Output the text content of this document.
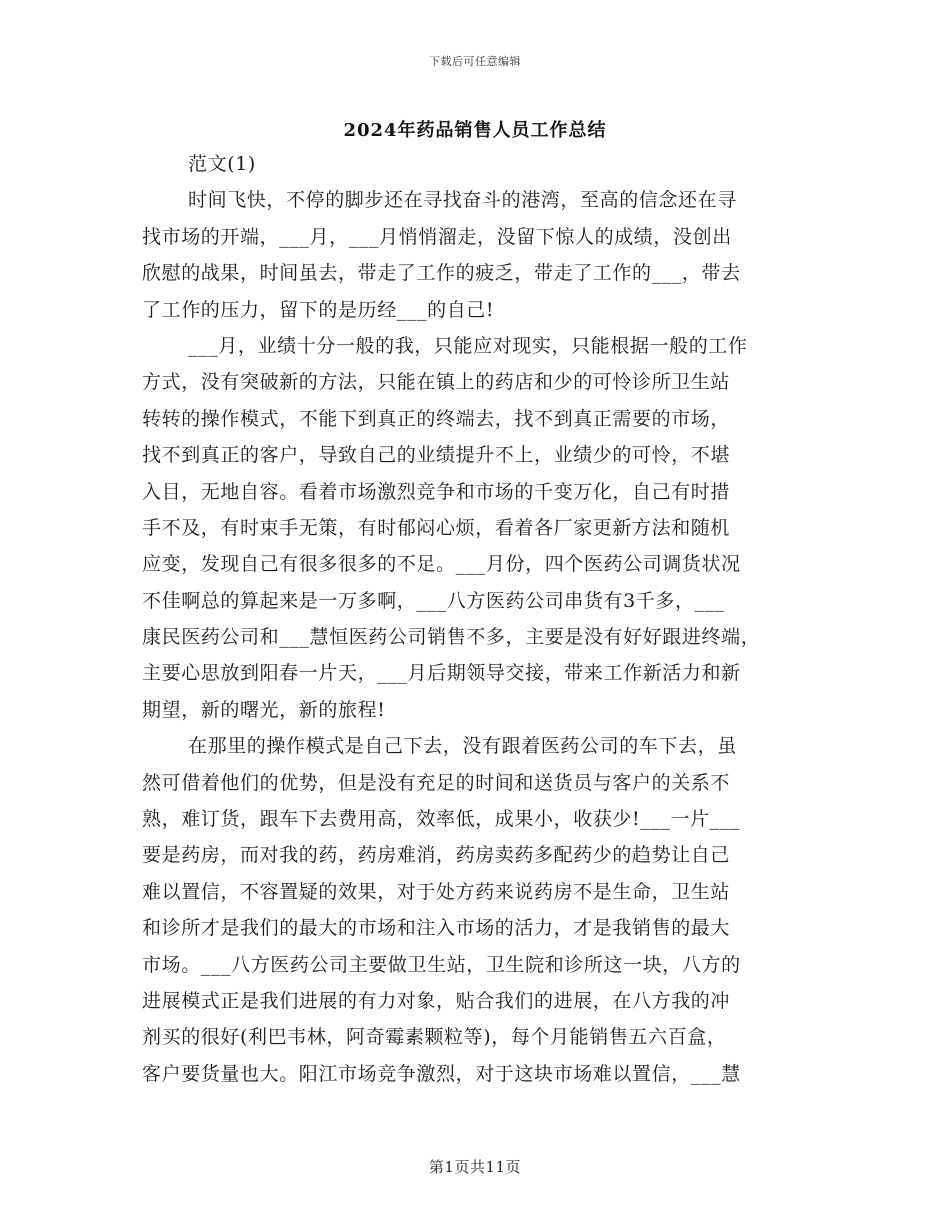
下载后可任意编辑
2024年药品销售人员工作总结
范文(1)
时间飞快，不停的脚步还在寻找奋斗的港湾，至高的信念还在寻
找市场的开端，___月，___月悄悄溜走，没留下惊人的成绩，没创出
欣慰的战果，时间虽去，带走了工作的疲乏，带走了工作的___，带去
了工作的压力，留下的是历经___的自己!
___月，业绩十分一般的我，只能应对现实，只能根据一般的工作
方式，没有突破新的方法，只能在镇上的药店和少的可怜诊所卫生站
转转的操作模式，不能下到真正的终端去，找不到真正需要的市场，
找不到真正的客户，导致自己的业绩提升不上，业绩少的可怜，不堪
入目，无地自容。看着市场激烈竞争和市场的千变万化，自己有时措
手不及，有时束手无策，有时郁闷心烦，看着各厂家更新方法和随机
应变，发现自己有很多很多的不足。___月份，四个医药公司调货状况
不佳啊总的算起来是一万多啊，___八方医药公司串货有3千多，___
康民医药公司和___慧恒医药公司销售不多，主要是没有好好跟进终端，
主要心思放到阳春一片天，___月后期领导交接，带来工作新活力和新
期望，新的曙光，新的旅程!
在那里的操作模式是自己下去，没有跟着医药公司的车下去，虽
然可借着他们的优势，但是没有充足的时间和送货员与客户的关系不
熟，难订货，跟车下去费用高，效率低，成果小，收获少!___一片___
要是药房，而对我的药，药房难消，药房卖药多配药少的趋势让自己
难以置信，不容置疑的效果，对于处方药来说药房不是生命，卫生站
和诊所才是我们的最大的市场和注入市场的活力，才是我销售的最大
市场。___八方医药公司主要做卫生站，卫生院和诊所这一块，八方的
进展模式正是我们进展的有力对象，贴合我们的进展，在八方我的冲
剂买的很好(利巴韦林，阿奇霉素颗粒等)，每个月能销售五六百盒，
客户要货量也大。阳江市场竞争激烈，对于这块市场难以置信，___慧
第1页共11页
